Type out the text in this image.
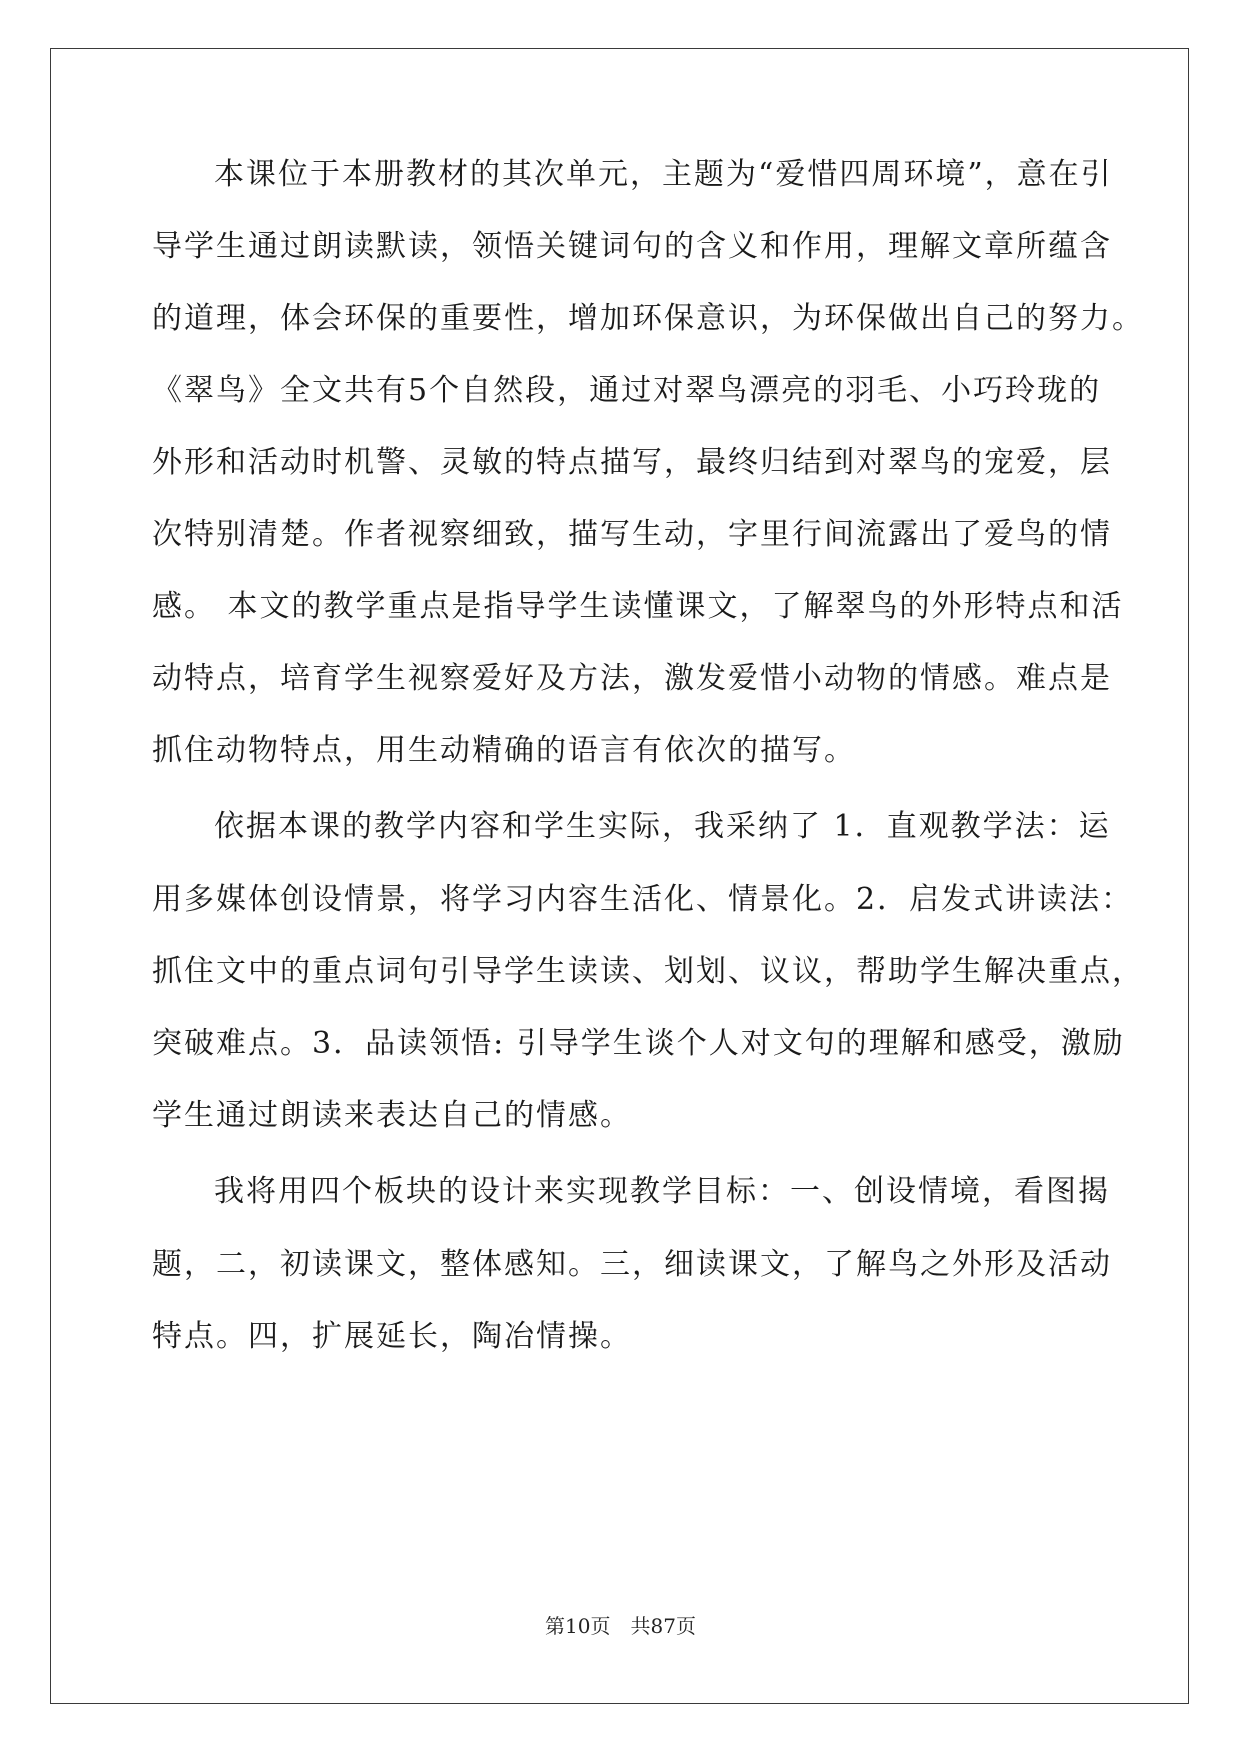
本课位于本册教材的其次单元，主题为“爱惜四周环境”，意在引
导学生通过朗读默读，领悟关键词句的含义和作用，理解文章所蕴含
的道理，体会环保的重要性，增加环保意识，为环保做出自己的努力。
《翠鸟》全文共有5个自然段，通过对翠鸟漂亮的羽毛、小巧玲珑的
外形和活动时机警、灵敏的特点描写，最终归结到对翠鸟的宠爱，层
次特别清楚。作者视察细致，描写生动，字里行间流露出了爱鸟的情
感。 本文的教学重点是指导学生读懂课文，了解翠鸟的外形特点和活
动特点，培育学生视察爱好及方法，激发爱惜小动物的情感。难点是
抓住动物特点，用生动精确的语言有依次的描写。
依据本课的教学内容和学生实际，我采纳了 1．直观教学法：运
用多媒体创设情景，将学习内容生活化、情景化。2．启发式讲读法：
抓住文中的重点词句引导学生读读、划划、议议，帮助学生解决重点，
突破难点。3．品读领悟: 引导学生谈个人对文句的理解和感受，激励
学生通过朗读来表达自己的情感。
我将用四个板块的设计来实现教学目标：一、创设情境，看图揭
题，二，初读课文，整体感知。三，细读课文，了解鸟之外形及活动
特点。四，扩展延长，陶冶情操。
第10页 共87页
